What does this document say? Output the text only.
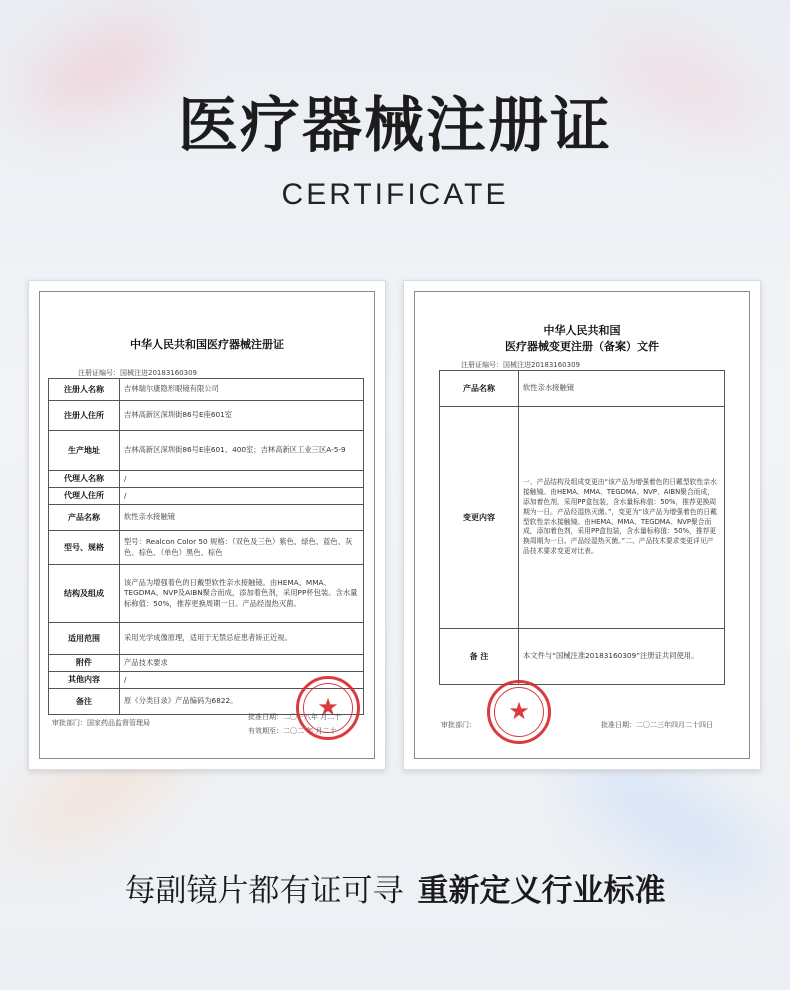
医疗器械注册证
CERTIFICATE
中华人民共和国医疗器械注册证
注册证编号：国械注进20183160309
注册人名称	吉林瑞尔康隐形眼镜有限公司
注册人住所	吉林高新区深圳街86号E座601室
生产地址	吉林高新区深圳街86号E座601、400室；吉林高新区工业三区A-5-9
代理人名称	/
代理人住所	/
产品名称	软性亲水接触镜
型号、规格	型号：Realcon Color 50 规格：（双色及三色）紫色、绿色、蓝色、灰色、棕色、（单色）黑色、棕色
结构及组成	该产品为增强着色的日戴型软性亲水接触镜。由HEMA、MMA、TEGDMA、NVP及AIBN聚合而成，添加着色剂，采用PP杯包装。含水量标称值：50%，推荐更换周期一日。产品经湿热灭菌。
适用范围	采用光学成像原理，适用于无禁忌症患者矫正近视。
附件	产品技术要求
其他内容	/
备注	原《分类目录》产品编码为6822。
审批部门：国家药品监督管理局
批准日期：二〇一八年 月二十
有效期至：二〇二 年 月二十
★
中华人民共和国
医疗器械变更注册（备案）文件
注册证编号：国械注进20183160309
产品名称	软性亲水接触镜
变更内容	一、产品结构及组成变更由“该产品为增强着色的日戴型软性亲水接触镜。由HEMA、MMA、TEGDMA、NVP、AIBN聚合而成，添加着色剂，采用PP盒包装，含水量标称值：50%，推荐更换周期为一日。产品经湿热灭菌。”，变更为“该产品为增强着色的日戴型软性亲水接触镜。由HEMA、MMA、TEGDMA、NVP聚合而成，添加着色剂，采用PP盒包装，含水量标称值：50%，推荐更换周期为一日。产品经湿热灭菌。”二、产品技术要求变更详见产品技术要求变更对比表。
备 注	本文件与“国械注准20183160309”注册证共同使用。
审批部门：	批准日期：二〇二三年四月二十四日
★
每副镜片都有证可寻 重新定义行业标准
